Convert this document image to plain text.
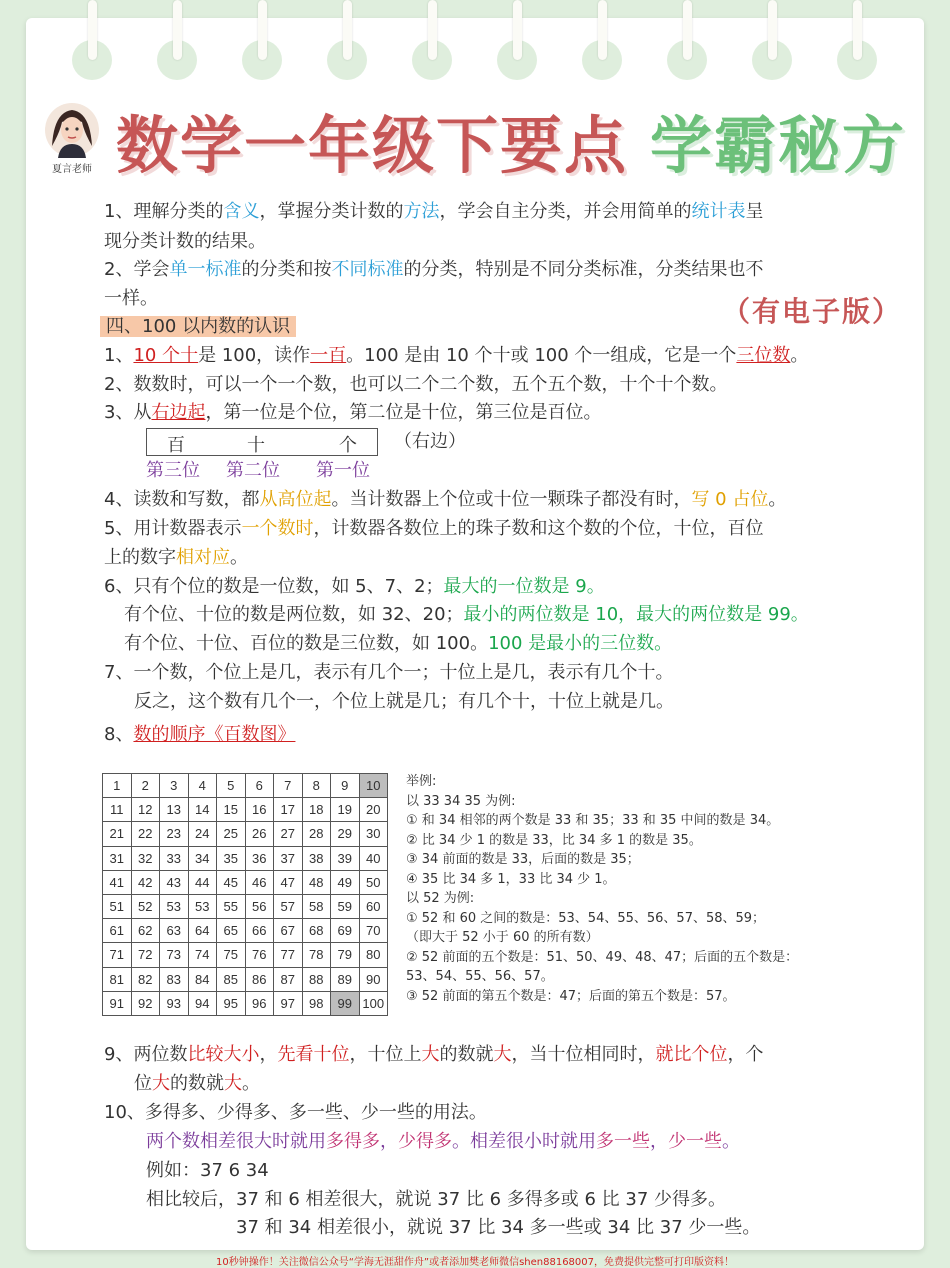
夏言老师 数学一年级下要点 学霸秘方
（有电子版）
1、理解分类的含义，掌握分类计数的方法，学会自主分类，并会用简单的统计表呈
现分类计数的结果。
2、学会单一标准的分类和按不同标准的分类，特别是不同分类标准，分类结果也不
一样。
四、100 以内数的认识
1、10 个十是 100，读作一百。100 是由 10 个十或 100 个一组成，它是一个三位数。
2、数数时，可以一个一个数，也可以二个二个数，五个五个数，十个十个数。
3、从右边起，第一位是个位，第二位是十位，第三位是百位。
百	十	个 （右边）
第三位 第二位 第一位
4、读数和写数，都从高位起。当计数器上个位或十位一颗珠子都没有时，写 0 占位。
5、用计数器表示一个数时，计数器各数位上的珠子数和这个数的个位，十位，百位
上的数字相对应。
6、只有个位的数是一位数，如 5、7、2；最大的一位数是 9。
有个位、十位的数是两位数，如 32、20；最小的两位数是 10，最大的两位数是 99。
有个位、十位、百位的数是三位数，如 100。100 是最小的三位数。
7、一个数，个位上是几，表示有几个一；十位上是几，表示有几个十。
反之，这个数有几个一，个位上就是几；有几个十，十位上就是几。
8、数的顺序《百数图》
1	2	3	4	5	6	7	8	9	10
11	12	13	14	15	16	17	18	19	20
21	22	23	24	25	26	27	28	29	30
31	32	33	34	35	36	37	38	39	40
41	42	43	44	45	46	47	48	49	50
51	52	53	53	55	56	57	58	59	60
61	62	63	64	65	66	67	68	69	70
71	72	73	74	75	76	77	78	79	80
81	82	83	84	85	86	87	88	89	90
91	92	93	94	95	96	97	98	99	100
举例:
以 33 34 35 为例:
① 和 34 相邻的两个数是 33 和 35；33 和 35 中间的数是 34。
② 比 34 少 1 的数是 33，比 34 多 1 的数是 35。
③ 34 前面的数是 33，后面的数是 35；
④ 35 比 34 多 1，33 比 34 少 1。
以 52 为例:
① 52 和 60 之间的数是：53、54、55、56、57、58、59；
（即大于 52 小于 60 的所有数）
② 52 前面的五个数是：51、50、49、48、47；后面的五个数是：
53、54、55、56、57。
③ 52 前面的第五个数是：47；后面的第五个数是：57。
9、两位数比较大小，先看十位，十位上大的数就大，当十位相同时，就比个位，个
位大的数就大。
10、多得多、少得多、多一些、少一些的用法。
两个数相差很大时就用多得多，少得多。相差很小时就用多一些，少一些。
例如：37 6 34
相比较后，37 和 6 相差很大，就说 37 比 6 多得多或 6 比 37 少得多。
37 和 34 相差很小，就说 37 比 34 多一些或 34 比 37 少一些。
10秒钟操作！关注微信公众号“学海无涯甜作舟”或者添加樊老师微信shen88168007，免费提供完整可打印版资料！
